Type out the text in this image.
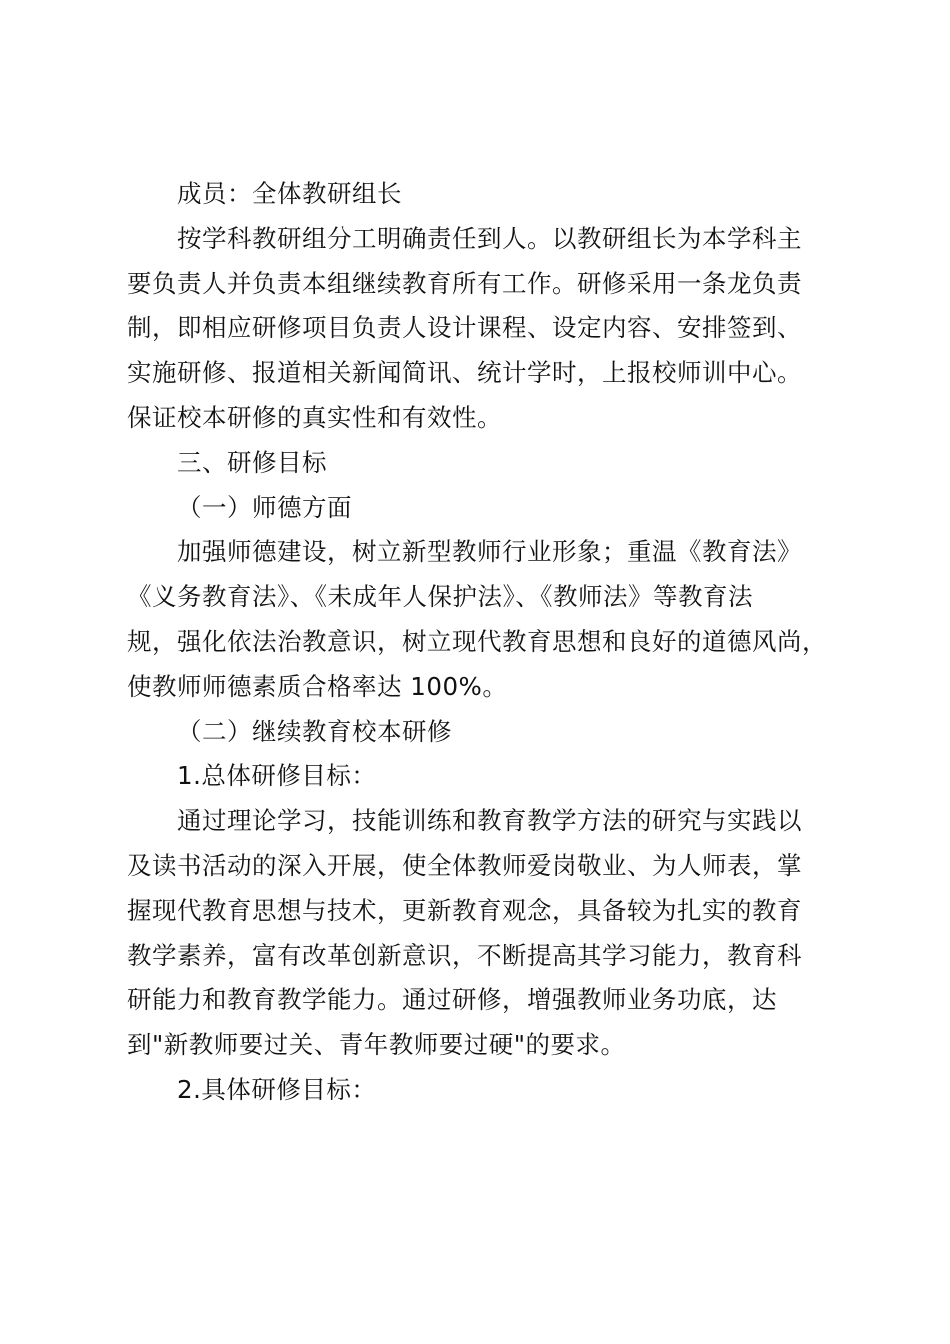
成员：全体教研组长
按学科教研组分工明确责任到人。以教研组长为本学科主
要负责人并负责本组继续教育所有工作。研修采用一条龙负责
制，即相应研修项目负责人设计课程、设定内容、安排签到、
实施研修、报道相关新闻简讯、统计学时，上报校师训中心。
保证校本研修的真实性和有效性。
三、研修目标
（一）师德方面
加强师德建设，树立新型教师行业形象；重温《教育法》
《义务教育法》、《未成年人保护法》、《教师法》等教育法
规，强化依法治教意识，树立现代教育思想和良好的道德风尚，
使教师师德素质合格率达 100%。
（二）继续教育校本研修
1.总体研修目标：
通过理论学习，技能训练和教育教学方法的研究与实践以
及读书活动的深入开展，使全体教师爱岗敬业、为人师表，掌
握现代教育思想与技术，更新教育观念，具备较为扎实的教育
教学素养，富有改革创新意识，不断提高其学习能力，教育科
研能力和教育教学能力。通过研修，增强教师业务功底，达
到"新教师要过关、青年教师要过硬"的要求。
2.具体研修目标：
